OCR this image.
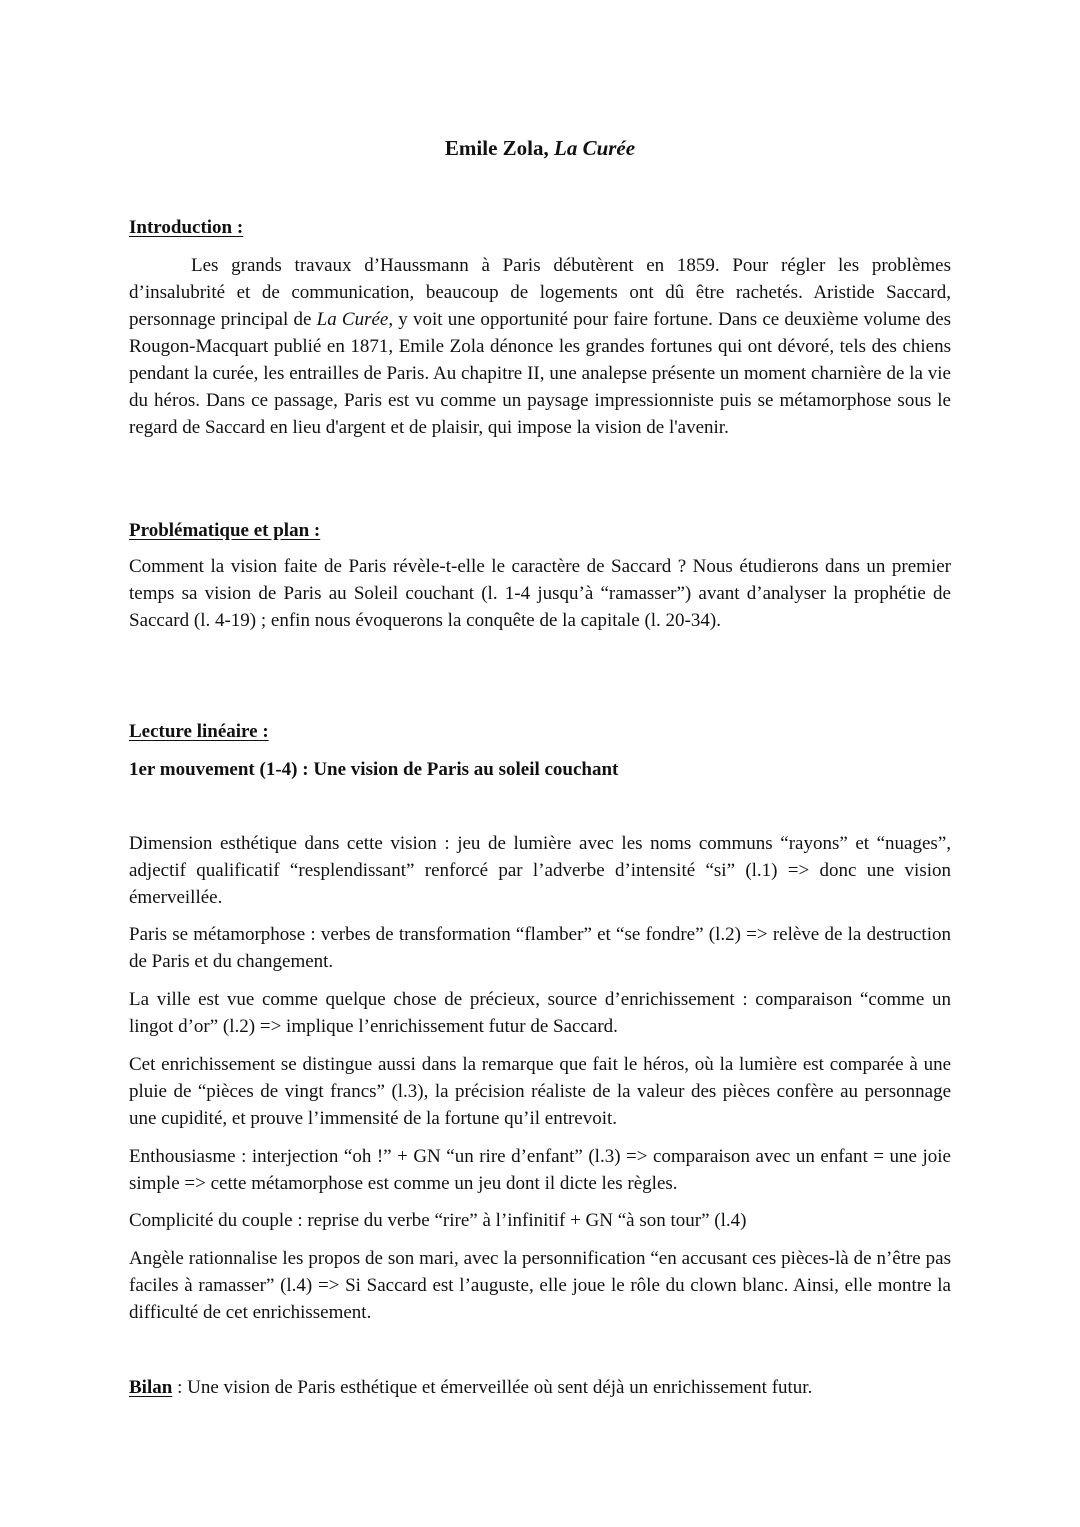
Emile Zola, La Curée
Introduction :

Les grands travaux d’Haussmann à Paris débutèrent en 1859. Pour régler les problèmes d’insalubrité et de communication, beaucoup de logements ont dû être rachetés. Aristide Saccard, personnage principal de La Curée, y voit une opportunité pour faire fortune. Dans ce deuxième volume des Rougon-Macquart publié en 1871, Emile Zola dénonce les grandes fortunes qui ont dévoré, tels des chiens pendant la curée, les entrailles de Paris. Au chapitre II, une analepse présente un moment charnière de la vie du héros. Dans ce passage, Paris est vu comme un paysage impressionniste puis se métamorphose sous le regard de Saccard en lieu d'argent et de plaisir, qui impose la vision de l'avenir.

Problématique et plan :

Comment la vision faite de Paris révèle-t-elle le caractère de Saccard ? Nous étudierons dans un premier temps sa vision de Paris au Soleil couchant (l. 1-4 jusqu’à “ramasser”) avant d’analyser la prophétie de Saccard (l. 4-19) ; enfin nous évoquerons la conquête de la capitale (l. 20-34).

Lecture linéaire :
1er mouvement (1-4) : Une vision de Paris au soleil couchant

Dimension esthétique dans cette vision : jeu de lumière avec les noms communs “rayons” et “nuages”, adjectif qualificatif “resplendissant” renforcé par l’adverbe d’intensité “si” (l.1) => donc une vision émerveillée.

Paris se métamorphose : verbes de transformation “flamber” et “se fondre” (l.2) => relève de la destruction de Paris et du changement.

La ville est vue comme quelque chose de précieux, source d’enrichissement : comparaison “comme un lingot d’or” (l.2) => implique l’enrichissement futur de Saccard.

Cet enrichissement se distingue aussi dans la remarque que fait le héros, où la lumière est comparée à une pluie de “pièces de vingt francs” (l.3), la précision réaliste de la valeur des pièces confère au personnage une cupidité, et prouve l’immensité de la fortune qu’il entrevoit.

Enthousiasme : interjection “oh !” + GN “un rire d’enfant” (l.3) => comparaison avec un enfant = une joie simple => cette métamorphose est comme un jeu dont il dicte les règles.

Complicité du couple : reprise du verbe “rire” à l’infinitif + GN “à son tour” (l.4)

Angèle rationnalise les propos de son mari, avec la personnification “en accusant ces pièces-là de n’être pas faciles à ramasser” (l.4) => Si Saccard est l’auguste, elle joue le rôle du clown blanc. Ainsi, elle montre la difficulté de cet enrichissement.

Bilan : Une vision de Paris esthétique et émerveillée où sent déjà un enrichissement futur.
